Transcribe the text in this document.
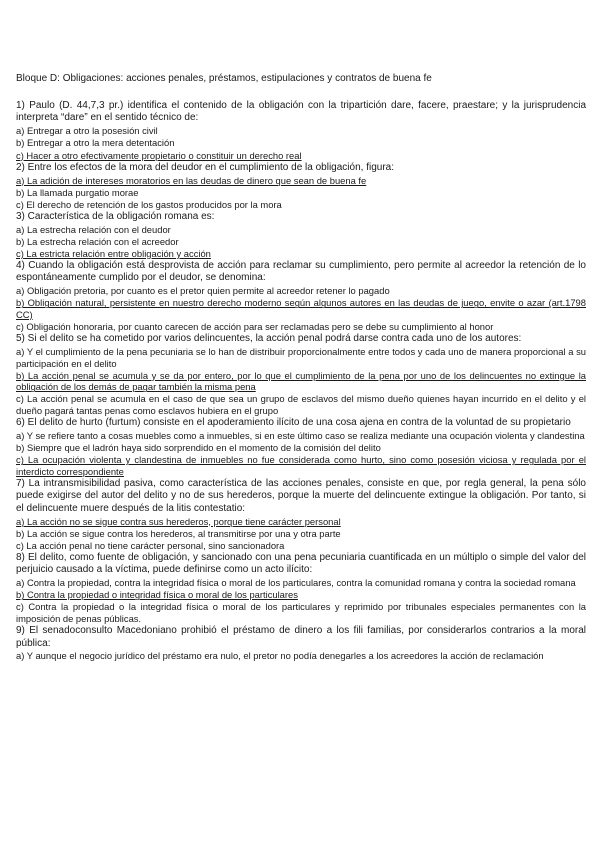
Bloque D: Obligaciones: acciones penales, préstamos, estipulaciones y contratos de buena fe

1) Paulo (D. 44,7,3 pr.) identifica el contenido de la obligación con la tripartición dare, facere, praestare; y la jurisprudencia interpreta “dare” en el sentido técnico de:

a) Entregar a otro la posesión civil

b) Entregar a otro la mera detentación

c) Hacer a otro efectivamente propietario o constituir un derecho real

2) Entre los efectos de la mora del deudor en el cumplimiento de la obligación, figura:

a) La adición de intereses moratorios en las deudas de dinero que sean de buena fe

b) La llamada purgatio morae

c) El derecho de retención de los gastos producidos por la mora

3) Característica de la obligación romana es:

a) La estrecha relación con el deudor

b) La estrecha relación con el acreedor

c) La estricta relación entre obligación y acción

4) Cuando la obligación está desprovista de acción para reclamar su cumplimiento, pero permite al acreedor la retención de lo espontáneamente cumplido por el deudor, se denomina:

a) Obligación pretoria, por cuanto es el pretor quien permite al acreedor retener lo pagado

b) Obligación natural, persistente en nuestro derecho moderno según algunos autores en las deudas de juego, envite o azar (art.1798 CC)

c) Obligación honoraria, por cuanto carecen de acción para ser reclamadas pero se debe su cumplimiento al honor

5) Si el delito se ha cometido por varios delincuentes, la acción penal podrá darse contra cada uno de los autores:

a) Y el cumplimiento de la pena pecuniaria se lo han de distribuir proporcionalmente entre todos y cada uno de manera proporcional a su participación en el delito

b) La acción penal se acumula y se da por entero, por lo que el cumplimiento de la pena por uno de los delincuentes no extingue la obligación de los demás de pagar también la misma pena

c) La acción penal se acumula en el caso de que sea un grupo de esclavos del mismo dueño quienes hayan incurrido en el delito y el dueño pagará tantas penas como esclavos hubiera en el grupo

6) El delito de hurto (furtum) consiste en el apoderamiento ilícito de una cosa ajena en contra de la voluntad de su propietario

a) Y se refiere tanto a cosas muebles como a inmuebles, si en este último caso se realiza mediante una ocupación violenta y clandestina

b) Siempre que el ladrón haya sido sorprendido en el momento de la comisión del delito

c) La ocupación violenta y clandestina de inmuebles no fue considerada como hurto, sino como posesión viciosa y regulada por el interdicto correspondiente

7) La intransmisibilidad pasiva, como característica de las acciones penales, consiste en que, por regla general, la pena sólo puede exigirse del autor del delito y no de sus herederos, porque la muerte del delincuente extingue la obligación. Por tanto, si el delincuente muere después de la litis contestatio:

a) La acción no se sigue contra sus herederos, porque tiene carácter personal

b) La acción se sigue contra los herederos, al transmitirse por una y otra parte

c) La acción penal no tiene carácter personal, sino sancionadora

8) El delito, como fuente de obligación, y sancionado con una pena pecuniaria cuantificada en un múltiplo o simple del valor del perjuicio causado a la víctima, puede definirse como un acto ilícito:

a) Contra la propiedad, contra la integridad física o moral de los particulares, contra la comunidad romana y contra la sociedad romana

b) Contra la propiedad o integridad física o moral de los particulares

c) Contra la propiedad o la integridad física o moral de los particulares y reprimido por tribunales especiales permanentes con la imposición de penas públicas.

9) El senadoconsulto Macedoniano prohibió el préstamo de dinero a los fili familias, por considerarlos contrarios a la moral pública:

a) Y aunque el negocio jurídico del préstamo era nulo, el pretor no podía denegarles a los acreedores la acción de reclamación
